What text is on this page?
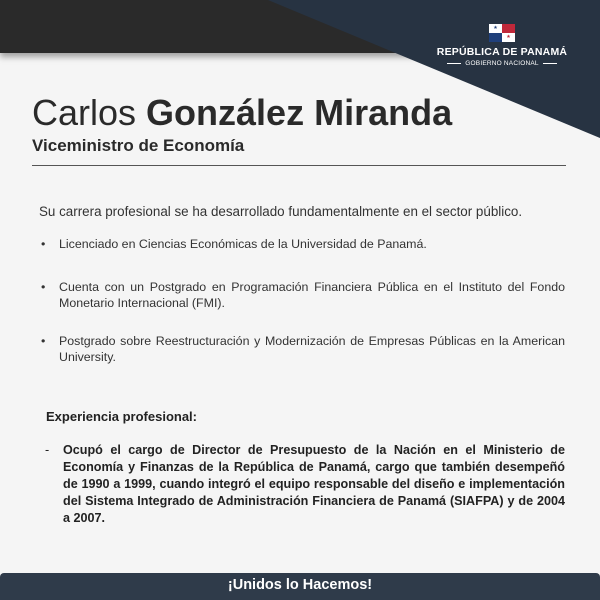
★
★
REPÚBLICA DE PANAMÁ
GOBIERNO NACIONAL
Carlos González Miranda
Viceministro de Economía
Su carrera profesional se ha desarrollado fundamentalmente en el sector público.
• Licenciado en Ciencias Económicas de la Universidad de Panamá.
• Cuenta con un Postgrado en Programación Financiera Pública en el Instituto del Fondo Monetario Internacional (FMI).
• Postgrado sobre Reestructuración y Modernización de Empresas Públicas en la American University.
Experiencia profesional:
- Ocupó el cargo de Director de Presupuesto de la Nación en el Ministerio de Economía y Finanzas de la República de Panamá, cargo que también desempeñó de 1990 a 1999, cuando integró el equipo responsable del diseño e implementación del Sistema Integrado de Administración Financiera de Panamá (SIAFPA) y de 2004 a 2007.
¡Unidos lo Hacemos!
